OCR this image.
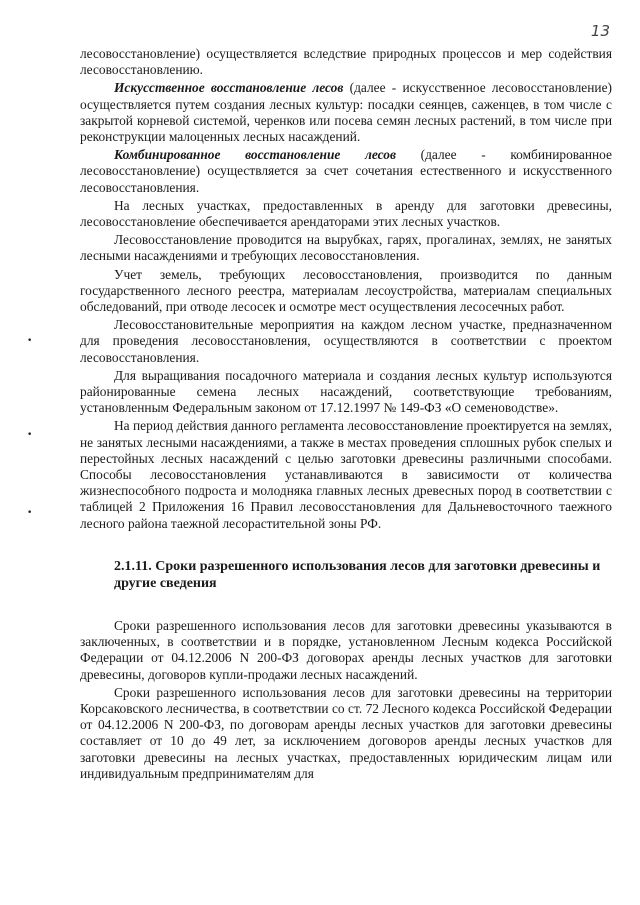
13
•
•
•

лесовосстановление) осуществляется вследствие природных процессов и мер содействия лесовосстановлению.

Искусственное восстановление лесов (далее - искусственное лесовосстановление) осуществляется путем создания лесных культур: посадки сеянцев, саженцев, в том числе с закрытой корневой системой, черенков или посева семян лесных растений, в том числе при реконструкции малоценных лесных насаждений.

Комбинированное восстановление лесов (далее - комбинированное лесовосстановление) осуществляется за счет сочетания естественного и искусственного лесовосстановления.

На лесных участках, предоставленных в аренду для заготовки древесины, лесовосстановление обеспечивается арендаторами этих лесных участков.

Лесовосстановление проводится на вырубках, гарях, прогалинах, землях, не занятых лесными насаждениями и требующих лесовосстановления.

Учет земель, требующих лесовосстановления, производится по данным государственного лесного реестра, материалам лесоустройства, материалам специальных обследований, при отводе лесосек и осмотре мест осуществления лесосечных работ.

Лесовосстановительные мероприятия на каждом лесном участке, предназначенном для проведения лесовосстановления, осуществляются в соответствии с проектом лесовосстановления.

Для выращивания посадочного материала и создания лесных культур используются районированные семена лесных насаждений, соответствующие требованиям, установленным Федеральным законом от 17.12.1997 № 149-ФЗ «О семеноводстве».

На период действия данного регламента лесовосстановление проектируется на землях, не занятых лесными насаждениями, а также в местах проведения сплошных рубок спелых и перестойных лесных насаждений с целью заготовки древесины различными способами. Способы лесовосстановления устанавливаются в зависимости от количества жизнеспособного подроста и молодняка главных лесных древесных пород в соответствии с таблицей 2 Приложения 16 Правил лесовосстановления для Дальневосточного таежного лесного района таежной лесорастительной зоны РФ.

2.1.11. Сроки разрешенного использования лесов для заготовки древесины и другие сведения

Сроки разрешенного использования лесов для заготовки древесины указываются в заключенных, в соответствии и в порядке, установленном Лесным кодекса Российской Федерации от 04.12.2006 N 200-ФЗ договорах аренды лесных участков для заготовки древесины, договоров купли-продажи лесных насаждений.

Сроки разрешенного использования лесов для заготовки древесины на территории Корсаковского лесничества, в соответствии со ст. 72 Лесного кодекса Российской Федерации от 04.12.2006 N 200-ФЗ, по договорам аренды лесных участков для заготовки древесины составляет от 10 до 49 лет, за исключением договоров аренды лесных участков для заготовки древесины на лесных участках, предоставленных юридическим лицам или индивидуальным предпринимателям для
